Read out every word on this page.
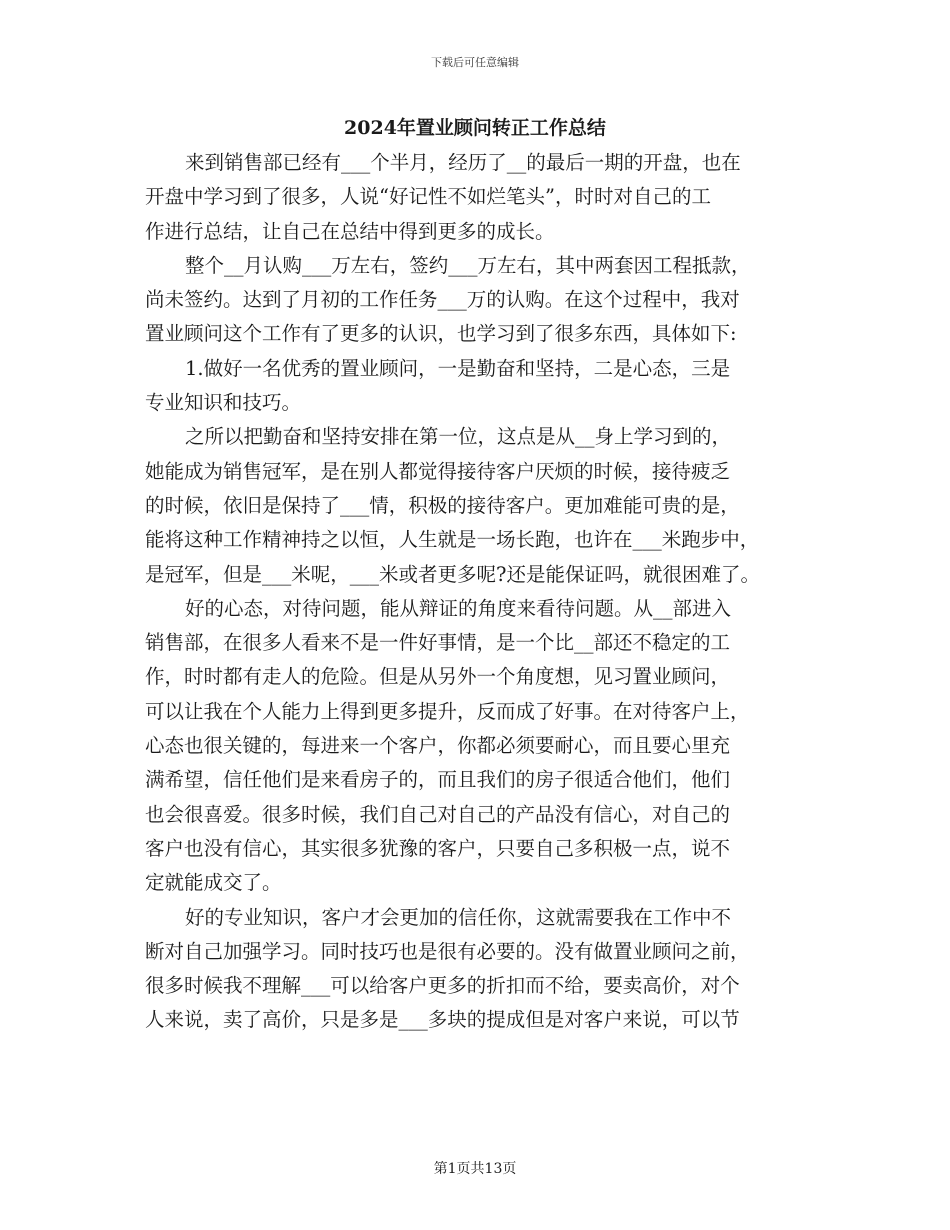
下载后可任意编辑
2024年置业顾问转正工作总结
来到销售部已经有___个半月，经历了__的最后一期的开盘，也在
开盘中学习到了很多，人说“好记性不如烂笔头”，时时对自己的工
作进行总结，让自己在总结中得到更多的成长。
整个__月认购___万左右，签约___万左右，其中两套因工程抵款，
尚未签约。达到了月初的工作任务___万的认购。在这个过程中，我对
置业顾问这个工作有了更多的认识，也学习到了很多东西，具体如下:
1.做好一名优秀的置业顾问，一是勤奋和坚持，二是心态，三是
专业知识和技巧。
之所以把勤奋和坚持安排在第一位，这点是从__身上学习到的，
她能成为销售冠军，是在别人都觉得接待客户厌烦的时候，接待疲乏
的时候，依旧是保持了___情，积极的接待客户。更加难能可贵的是，
能将这种工作精神持之以恒，人生就是一场长跑，也许在___米跑步中，
是冠军，但是___米呢，___米或者更多呢?还是能保证吗，就很困难了。
好的心态，对待问题，能从辩证的角度来看待问题。从__部进入
销售部，在很多人看来不是一件好事情，是一个比__部还不稳定的工
作，时时都有走人的危险。但是从另外一个角度想，见习置业顾问，
可以让我在个人能力上得到更多提升，反而成了好事。在对待客户上，
心态也很关键的，每进来一个客户，你都必须要耐心，而且要心里充
满希望，信任他们是来看房子的，而且我们的房子很适合他们，他们
也会很喜爱。很多时候，我们自己对自己的产品没有信心，对自己的
客户也没有信心，其实很多犹豫的客户，只要自己多积极一点，说不
定就能成交了。
好的专业知识，客户才会更加的信任你，这就需要我在工作中不
断对自己加强学习。同时技巧也是很有必要的。没有做置业顾问之前，
很多时候我不理解___可以给客户更多的折扣而不给，要卖高价，对个
人来说，卖了高价，只是多是___多块的提成但是对客户来说，可以节
第1页共13页
